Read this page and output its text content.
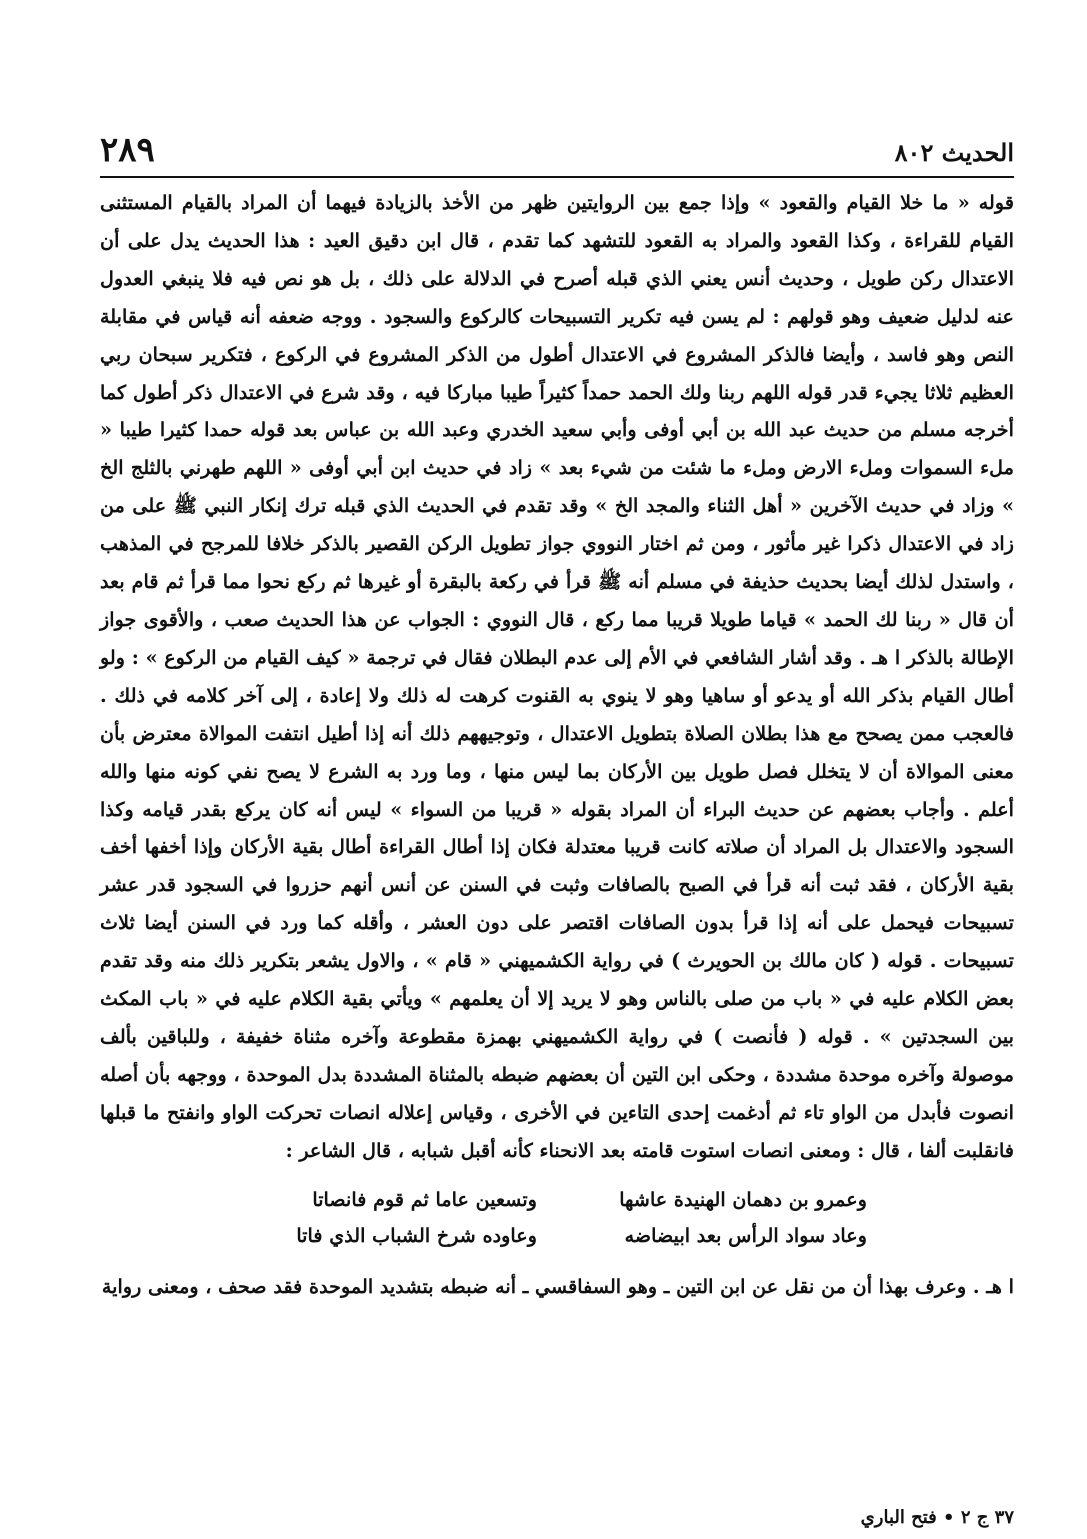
الحديث ٨٠٢
٢٨٩

قوله « ما خلا القيام والقعود » وإذا جمع بين الروايتين ظهر من الأخذ بالزيادة فيهما أن المراد بالقيام المستثنى القيام للقراءة ، وكذا القعود والمراد به القعود للتشهد كما تقدم ، قال ابن دقيق العيد : هذا الحديث يدل على أن الاعتدال ركن طويل ، وحديث أنس يعني الذي قبله أصرح في الدلالة على ذلك ، بل هو نص فيه فلا ينبغي العدول عنه لدليل ضعيف وهو قولهم : لم يسن فيه تكرير التسبيحات كالركوع والسجود . ووجه ضعفه أنه قياس في مقابلة النص وهو فاسد ، وأيضا فالذكر المشروع في الاعتدال أطول من الذكر المشروع في الركوع ، فتكرير سبحان ربي العظيم ثلاثا يجيء قدر قوله اللهم ربنا ولك الحمد حمداً كثيراً طيبا مباركا فيه ، وقد شرع في الاعتدال ذكر أطول كما أخرجه مسلم من حديث عبد الله بن أبي أوفى وأبي سعيد الخدري وعبد الله بن عباس بعد قوله حمدا كثيرا طيبا « ملء السموات وملء الارض وملء ما شئت من شيء بعد » زاد في حديث ابن أبي أوفى « اللهم طهرني بالثلج الخ » وزاد في حديث الآخرين « أهل الثناء والمجد الخ » وقد تقدم في الحديث الذي قبله ترك إنكار النبي ﷺ على من زاد في الاعتدال ذكرا غير مأثور ، ومن ثم اختار النووي جواز تطويل الركن القصير بالذكر خلافا للمرجح في المذهب ، واستدل لذلك أيضا بحديث حذيفة في مسلم أنه ﷺ قرأ في ركعة بالبقرة أو غيرها ثم ركع نحوا مما قرأ ثم قام بعد أن قال « ربنا لك الحمد » قياما طويلا قريبا مما ركع ، قال النووي : الجواب عن هذا الحديث صعب ، والأقوى جواز الإطالة بالذكر ا هـ . وقد أشار الشافعي في الأم إلى عدم البطلان فقال في ترجمة « كيف القيام من الركوع » : ولو أطال القيام بذكر الله أو يدعو أو ساهيا وهو لا ينوي به القنوت كرهت له ذلك ولا إعادة ، إلى آخر كلامه في ذلك . فالعجب ممن يصحح مع هذا بطلان الصلاة بتطويل الاعتدال ، وتوجيههم ذلك أنه إذا أطيل انتفت الموالاة معترض بأن معنى الموالاة أن لا يتخلل فصل طويل بين الأركان بما ليس منها ، وما ورد به الشرع لا يصح نفي كونه منها والله أعلم . وأجاب بعضهم عن حديث البراء أن المراد بقوله « قريبا من السواء » ليس أنه كان يركع بقدر قيامه وكذا السجود والاعتدال بل المراد أن صلاته كانت قريبا معتدلة فكان إذا أطال القراءة أطال بقية الأركان وإذا أخفها أخف بقية الأركان ، فقد ثبت أنه قرأ في الصبح بالصافات وثبت في السنن عن أنس أنهم حزروا في السجود قدر عشر تسبيحات فيحمل على أنه إذا قرأ بدون الصافات اقتصر على دون العشر ، وأقله كما ورد في السنن أيضا ثلاث تسبيحات . قوله ( كان مالك بن الحويرث ) في رواية الكشميهني « قام » ، والاول يشعر بتكرير ذلك منه وقد تقدم بعض الكلام عليه في « باب من صلى بالناس وهو لا يريد إلا أن يعلمهم » ويأتي بقية الكلام عليه في « باب المكث بين السجدتين » . قوله ( فأنصت ) في رواية الكشميهني بهمزة مقطوعة وآخره مثناة خفيفة ، وللباقين بألف موصولة وآخره موحدة مشددة ، وحكى ابن التين أن بعضهم ضبطه بالمثناة المشددة بدل الموحدة ، ووجهه بأن أصله انصوت فأبدل من الواو تاء ثم أدغمت إحدى التاءين في الأخرى ، وقياس إعلاله انصات تحركت الواو وانفتح ما قبلها فانقلبت ألفا ، قال : ومعنى انصات استوت قامته بعد الانحناء كأنه أقبل شبابه ، قال الشاعر :

وعمرو بن دهمان الهنيدة عاشها
وتسعين عاما ثم قوم فانصاتا
وعاد سواد الرأس بعد ابيضاضه
وعاوده شرخ الشباب الذي فاتا
ا هـ . وعرف بهذا أن من نقل عن ابن التين ـ وهو السفاقسي ـ أنه ضبطه بتشديد الموحدة فقد صحف ، ومعنى رواية
٣٧ ج ٢ • فتح الباري
